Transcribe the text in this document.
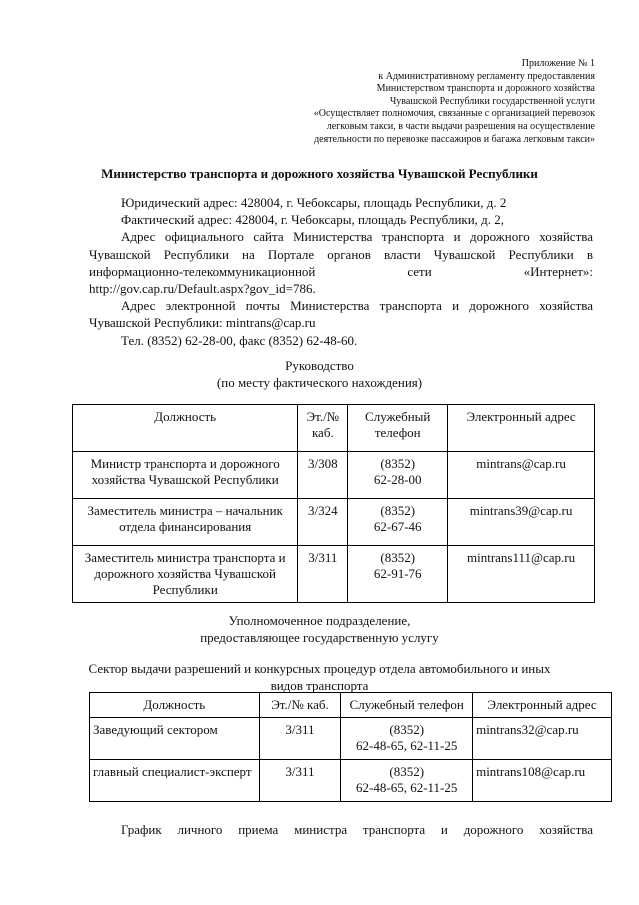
Приложение № 1
к Административному регламенту предоставления
Министерством транспорта и дорожного хозяйства
Чувашской Республики государственной услуги
«Осуществляет полномочия, связанные с организацией перевозок
легковым такси, в части выдачи разрешения на осуществление
деятельности по перевозке пассажиров и багажа легковым такси»
Министерство транспорта и дорожного хозяйства Чувашской Республики

Юридический адрес: 428004, г. Чебоксары, площадь Республики, д. 2

Фактический адрес: 428004, г. Чебоксары, площадь Республики, д. 2,

Адрес официального сайта Министерства транспорта и дорожного хозяйства

Чувашской Республики на Портале органов власти Чувашской Республики в

информационно-телекоммуникационной сети «Интернет»:

http://gov.cap.ru/Default.aspx?gov_id=786.

Адрес электронной почты Министерства транспорта и дорожного хозяйства

Чувашской Республики: mintrans@cap.ru

Тел. (8352) 62-28-00, факс (8352) 62-48-60.

Руководство
(по месту фактического нахождения)
Должность	Эт./№ каб.	Служебный телефон	Электронный адрес
Министр транспорта и дорожного хозяйства Чувашской Республики	3/308	(8352)
62-28-00	mintrans@cap.ru
Заместитель министра – начальник отдела финансирования	3/324	(8352)
62-67-46	mintrans39@cap.ru
Заместитель министра транспорта и дорожного хозяйства Чувашской Республики	3/311	(8352)
62-91-76	mintrans111@cap.ru
Уполномоченное подразделение,
предоставляющее государственную услугу
Сектор выдачи разрешений и конкурсных процедур отдела автомобильного и иных
видов транспорта
Должность	Эт./№ каб.	Служебный телефон	Электронный адрес
Заведующий сектором	3/311	(8352)
62-48-65, 62-11-25	mintrans32@cap.ru
главный специалист-эксперт	3/311	(8352)
62-48-65, 62-11-25	mintrans108@cap.ru
График личного приема министра транспорта и дорожного хозяйства
